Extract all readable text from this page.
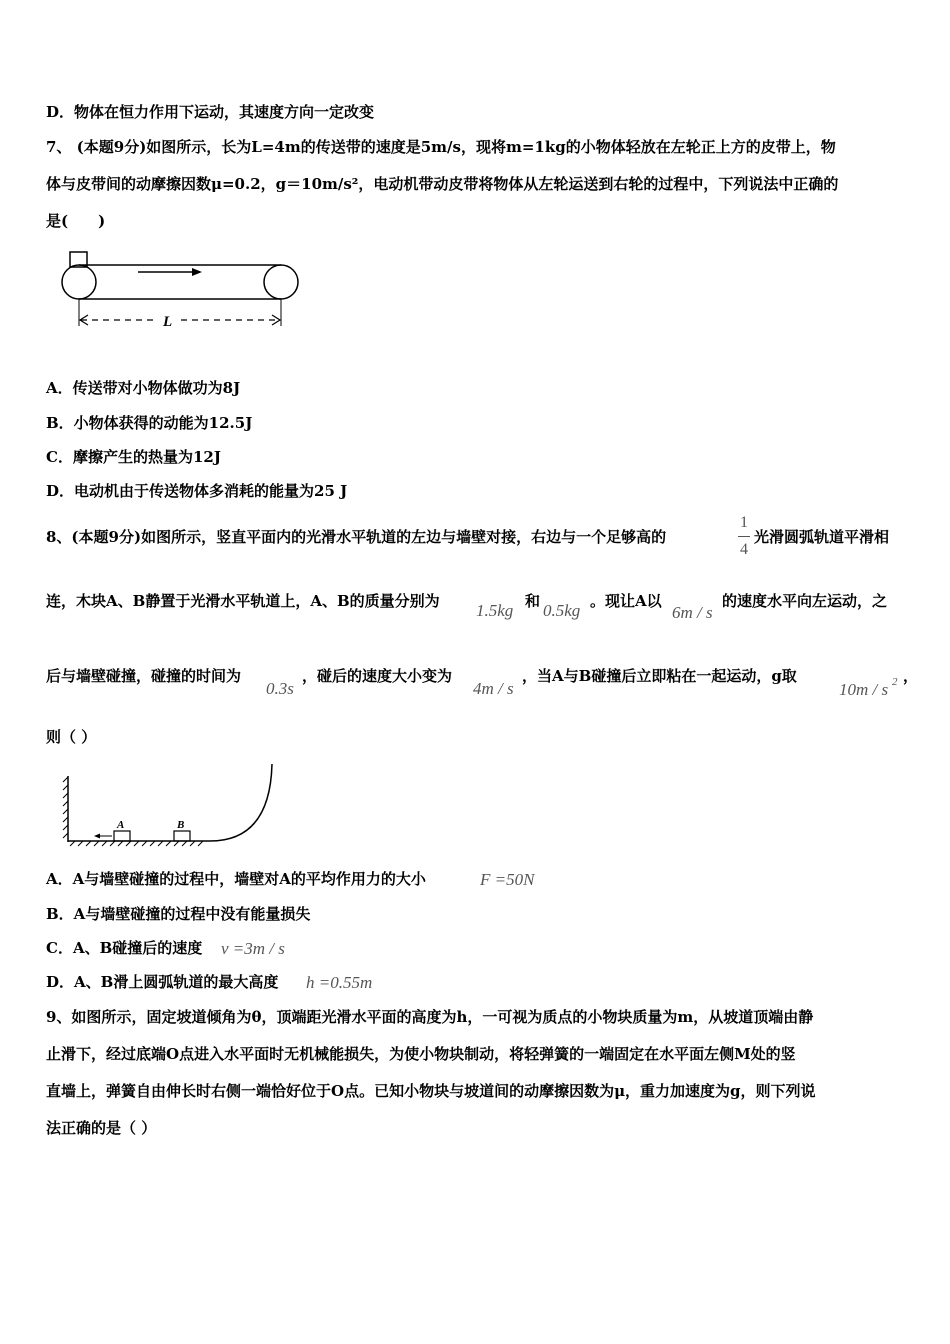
D．物体在恒力作用下运动，其速度方向一定改变
7、 (本题9分)如图所示，长为L=4m的传送带的速度是5m/s，现将m=1kg的小物体轻放在左轮正上方的皮带上，物
体与皮带间的动摩擦因数μ=0.2，g＝10m/s²，电动机带动皮带将物体从左轮运送到右轮的过程中，下列说法中正确的
是(　　)
L
A．传送带对小物体做功为8J
B．小物体获得的动能为12.5J
C．摩擦产生的热量为12J
D．电动机由于传送物体多消耗的能量为25 J
8、(本题9分)如图所示，竖直平面内的光滑水平轨道的左边与墙壁对接，右边与一个足够高的
1
4
光滑圆弧轨道平滑相
连，木块A、B静置于光滑水平轨道上，A、B的质量分别为 1.5kg 和 0.5kg 。现让A以
6m / s
的速度水平向左运动，之
后与墙壁碰撞，碰撞的时间为
0.3s
，碰后的速度大小变为
4m / s
，当A与B碰撞后立即粘在一起运动，g取
10m / s 2 ，
则（ ）
A	B
A．A与墙壁碰撞的过程中，墙壁对A的平均作用力的大小	F =50N
B．A与墙壁碰撞的过程中没有能量损失
C．A、B碰撞后的速度 v =3m / s
D．A、B滑上圆弧轨道的最大高度 h =0.55m
9、如图所示，固定坡道倾角为θ，顶端距光滑水平面的高度为h，一可视为质点的小物块质量为m，从坡道顶端由静
止滑下，经过底端O点进入水平面时无机械能损失，为使小物块制动，将轻弹簧的一端固定在水平面左侧M处的竖
直墙上，弹簧自由伸长时右侧一端恰好位于O点。已知小物块与坡道间的动摩擦因数为μ，重力加速度为g，则下列说
法正确的是（ ）
